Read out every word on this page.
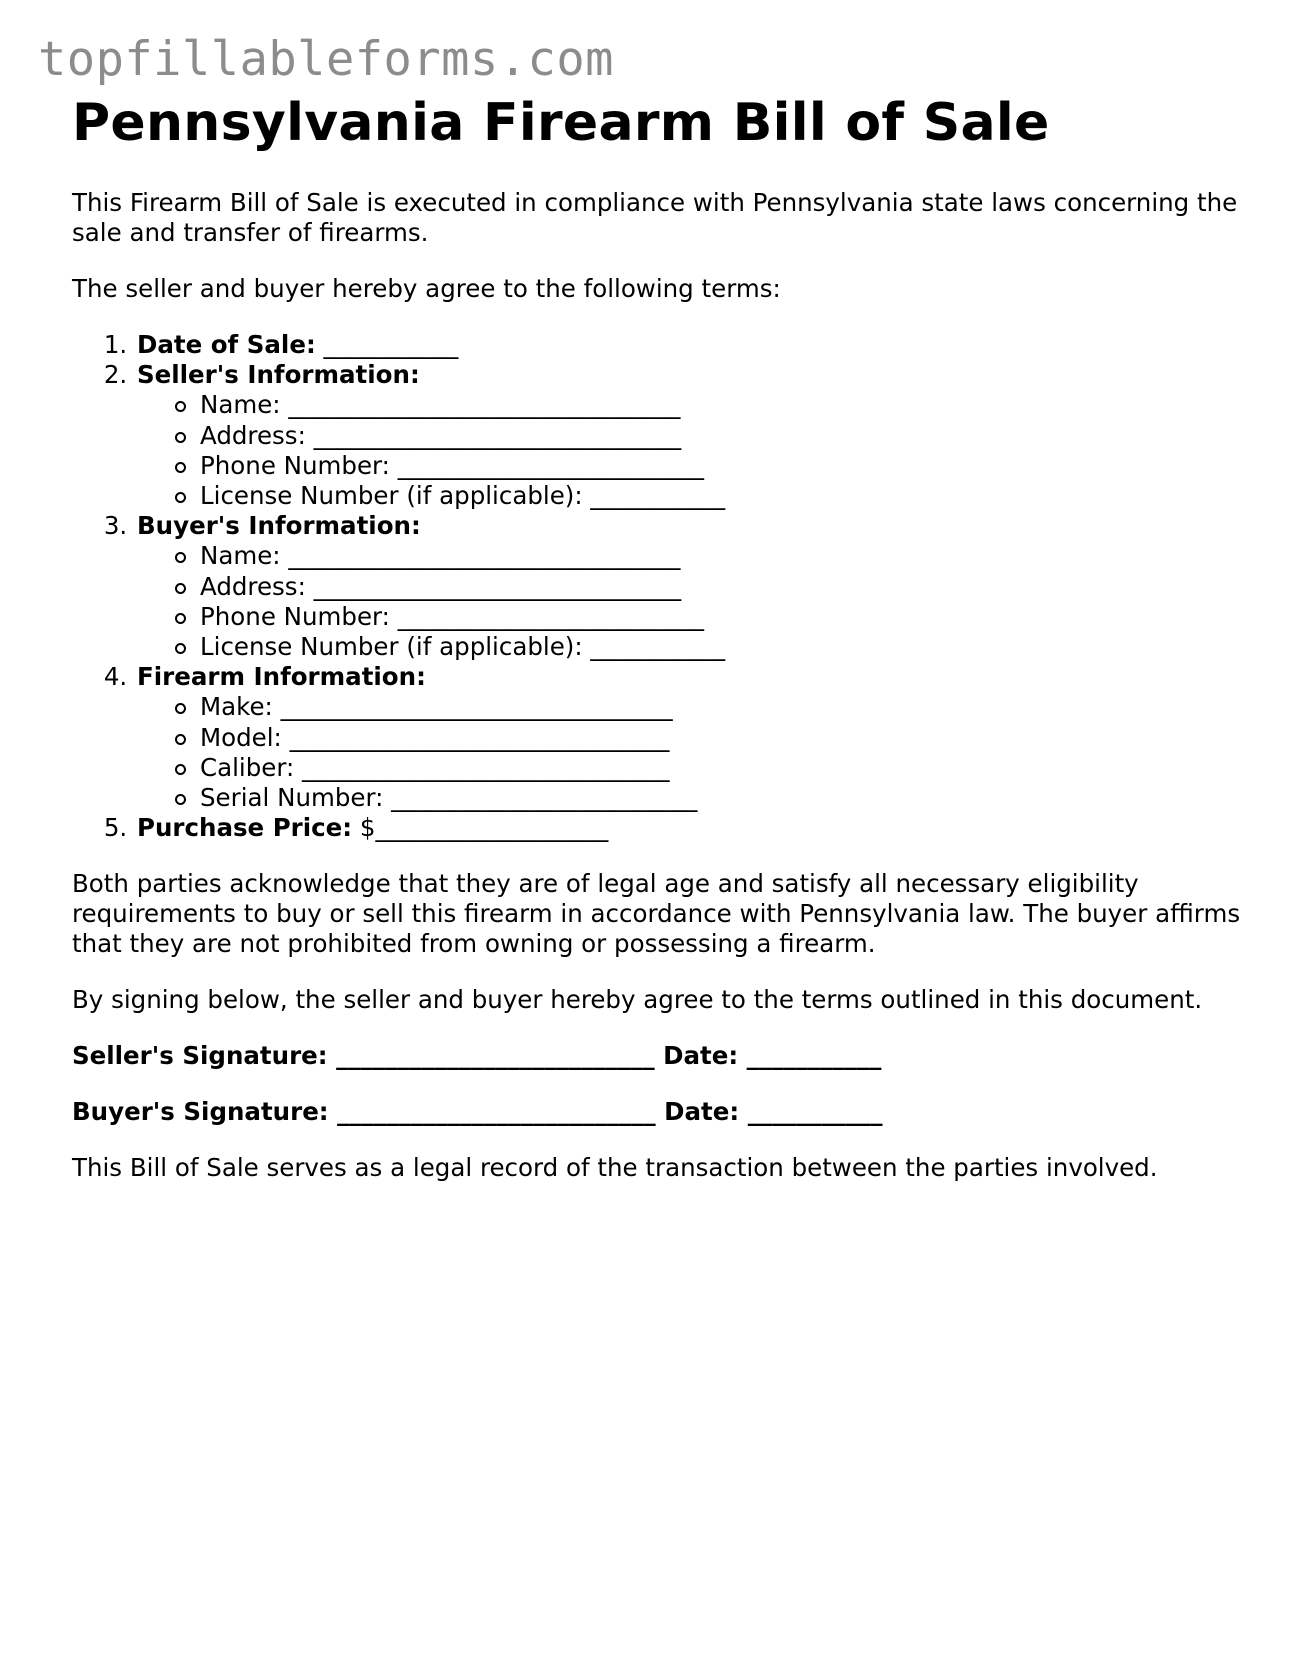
topfillableforms.com
Pennsylvania Firearm Bill of Sale

This Firearm Bill of Sale is executed in compliance with Pennsylvania state laws concerning the sale and transfer of firearms.

The seller and buyer hereby agree to the following terms:

1. Date of Sale: ___________
2. Seller's Information:
Name: ________________________________
Address: ______________________________
Phone Number: _________________________
License Number (if applicable): ___________
3. Buyer's Information:
Name: ________________________________
Address: ______________________________
Phone Number: _________________________
License Number (if applicable): ___________
4. Firearm Information:
Make: ________________________________
Model: _______________________________
Caliber: ______________________________
Serial Number: _________________________
5. Purchase Price: $___________________

Both parties acknowledge that they are of legal age and satisfy all necessary eligibility requirements to buy or sell this firearm in accordance with Pennsylvania law. The buyer affirms that they are not prohibited from owning or possessing a firearm.

By signing below, the seller and buyer hereby agree to the terms outlined in this document.

Seller's Signature: __________________________ Date: ___________

Buyer's Signature: __________________________ Date: ___________

This Bill of Sale serves as a legal record of the transaction between the parties involved.
